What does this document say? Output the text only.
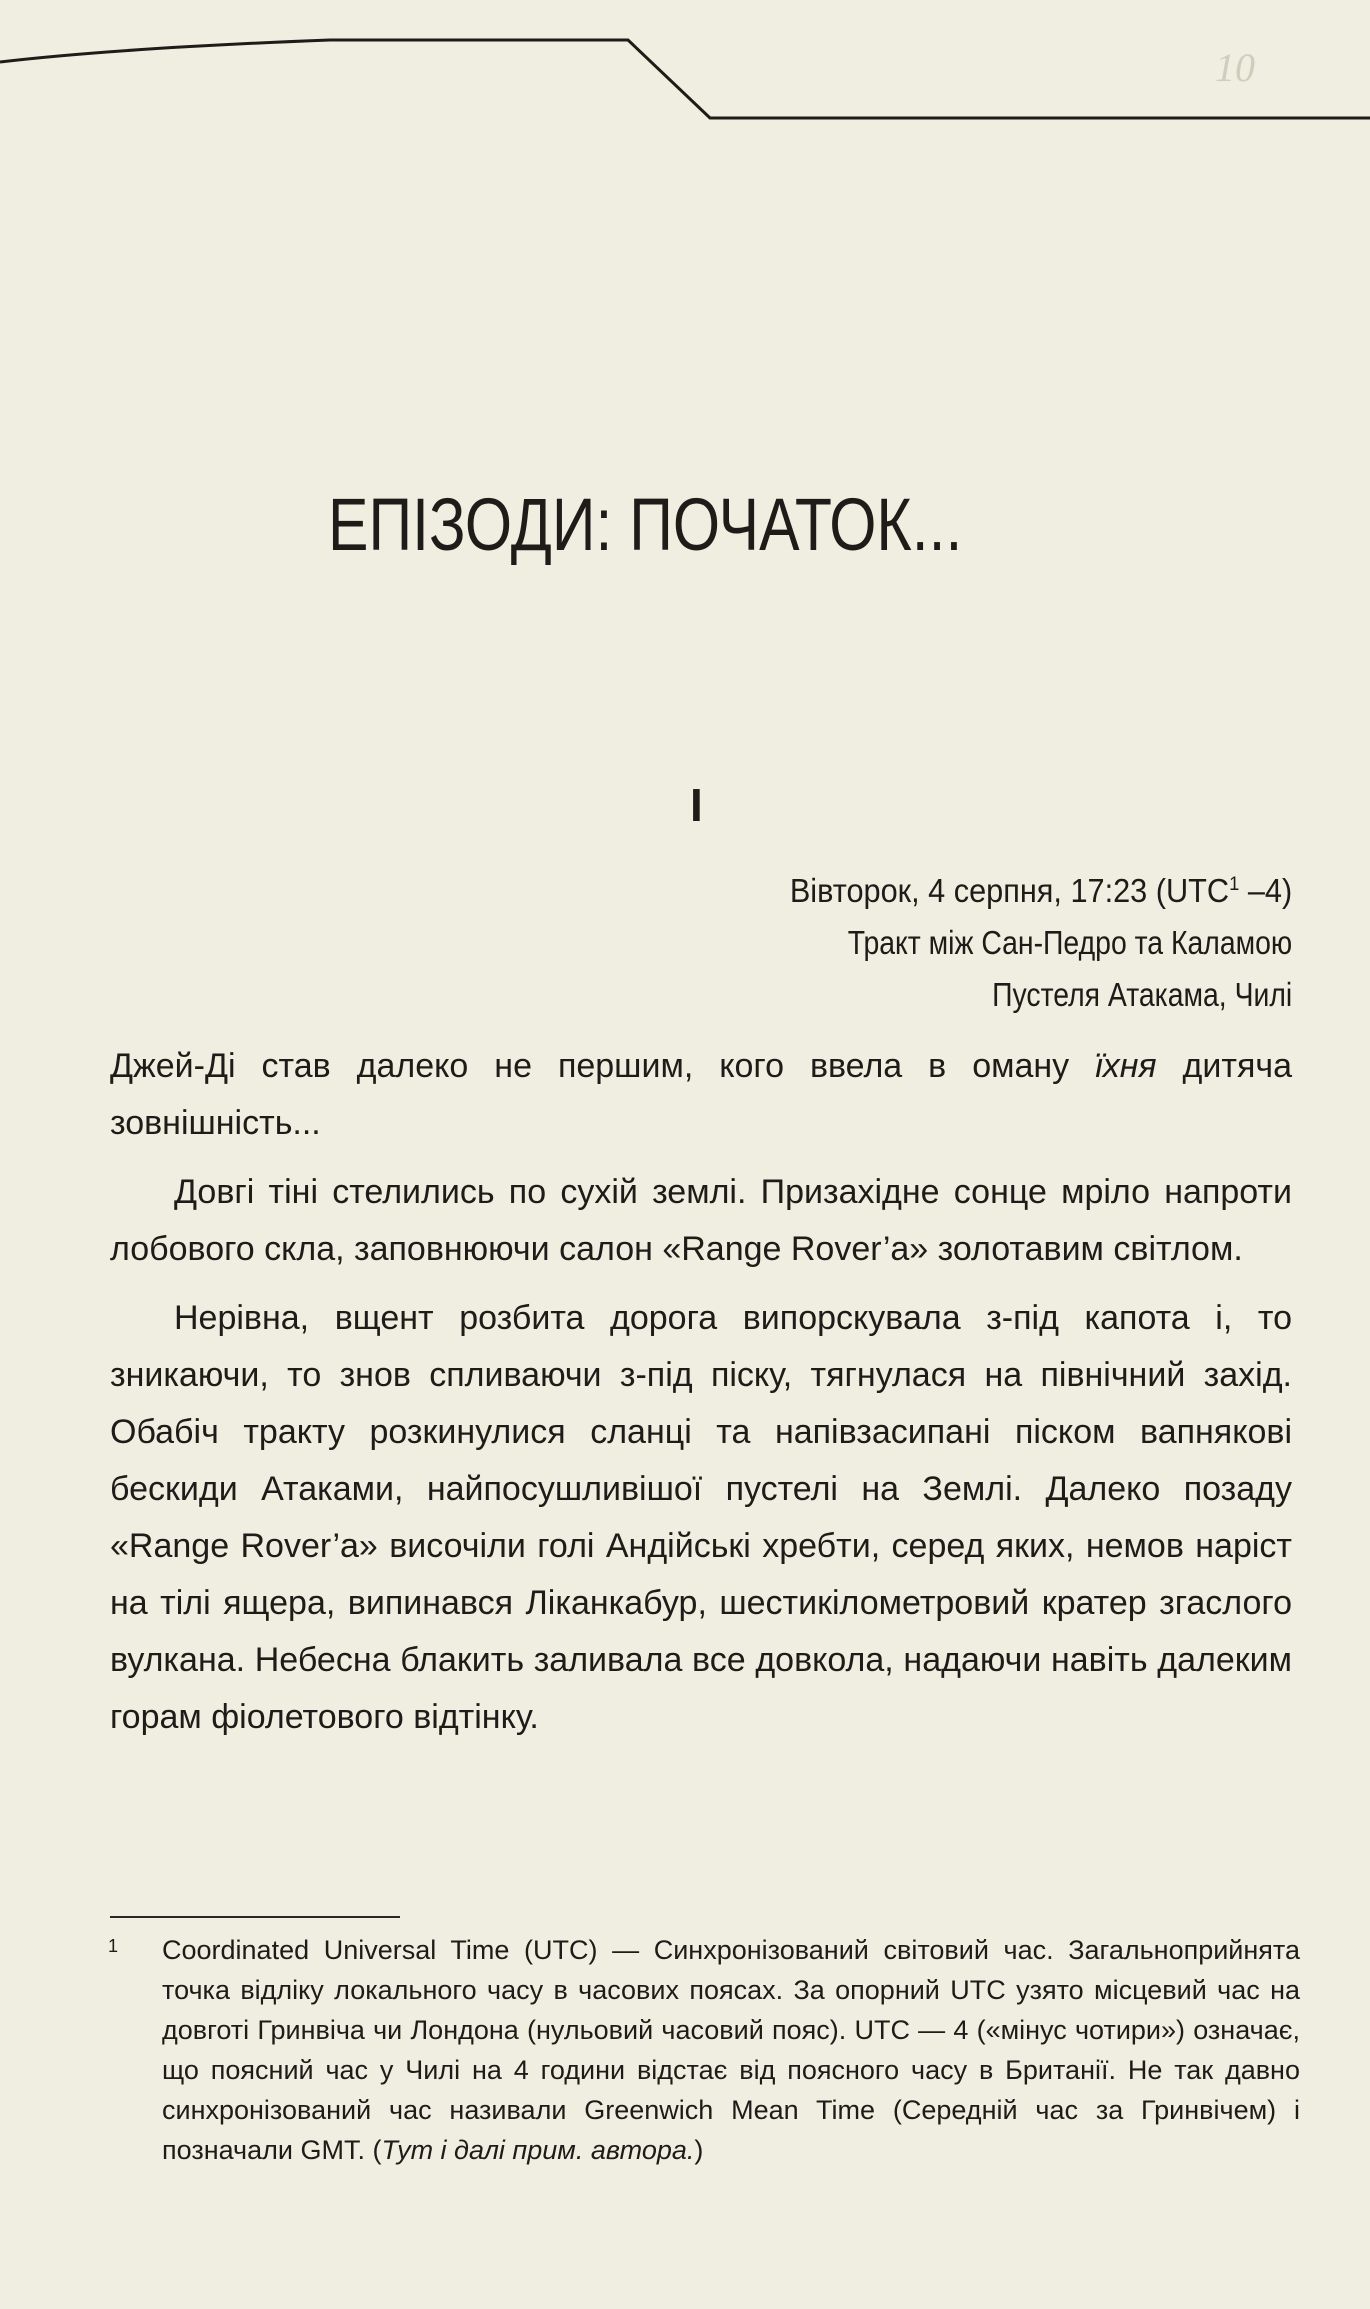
10
ЕПІЗОДИ: ПОЧАТОК...
I
Вівторок, 4 серпня, 17:23 (UTC$^1$ –4)
Тракт між Сан-Педро та Каламою
Пустеля Атакама, Чилі

Джей-Ді став далеко не першим, кого ввела в оману їхня дитяча зовнішність...

Довгі тіні стелились по сухій землі. Призахідне сонце мріло напроти лобового скла, заповнюючи салон «Range Rover’а» золотавим світлом.

Нерівна, вщент розбита дорога випорскувала з-під капота і, то зникаючи, то знов спливаючи з-під піску, тягнулася на північний захід. Обабіч тракту розкинулися сланці та напівзасипані піском вапнякові бескиди Атаками, найпосушливішої пустелі на Землі. Далеко позаду «Range Rover’а» височіли голі Андійські хребти, серед яких, немов наріст на тілі ящера, випинався Ліканкабур, шестикілометровий кратер згаслого вулкана. Небесна блакить заливала все довкола, надаючи навіть далеким горам фіолетового відтінку.

1 Coordinated Universal Time (UTC) — Синхронізований світовий час. Загальноприйнята точка відліку локального часу в часових поясах. За опорний UTC узято місцевий час на довготі Гринвіча чи Лондона (нульовий часовий пояс). UTC — 4 («мінус чотири») означає, що поясний час у Чилі на 4 години відстає від поясного часу в Британії. Не так давно синхронізований час називали Greenwich Mean Time (Середній час за Гринвічем) і позначали GMT. (Тут і далі прим. автора.)
